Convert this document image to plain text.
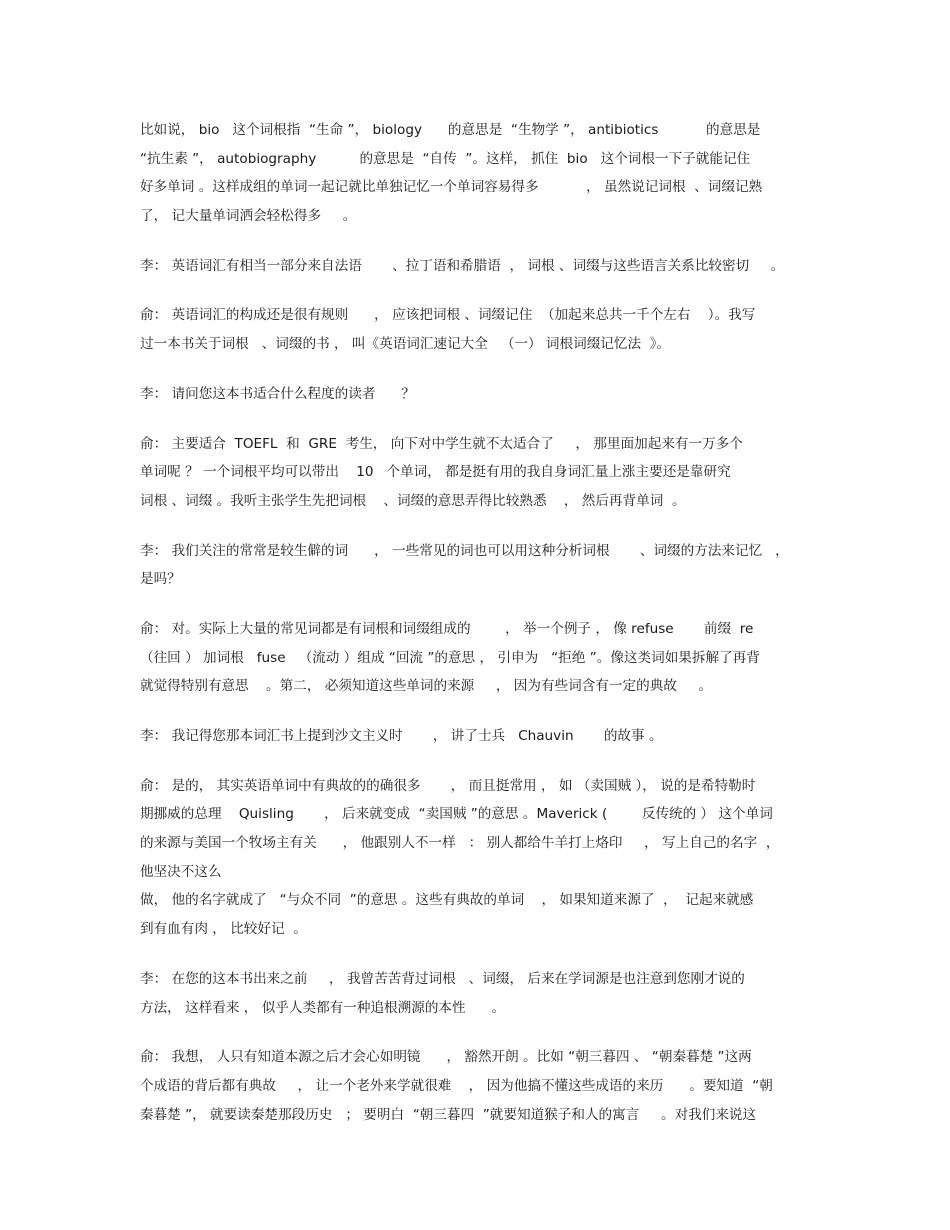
比如说， bio   这个词根指  “生命 ”， biology      的意思是  “生物学 ”， antibiotics           的意思是
“抗生素 ”， autobiography          的意思是  “自传  ”。这样， 抓住  bio   这个词根一下子就能记住
好多单词 。这样成组的单词一起记就比单独记忆一个单词容易得多           ， 虽然说记词根  、词缀记熟
了， 记大量单词洒会轻松得多     。
李： 英语词汇有相当一部分来自法语       、拉丁语和希腊语  ， 词根 、词缀与这些语言关系比较密切     。
俞： 英语词汇的构成还是很有规则      ， 应该把词根 、词缀记住  （加起来总共一千个左右    ）。我写
过一本书关于词根   、词缀的书 ， 叫《英语词汇速记大全   （一） 词根词缀记忆法  》。
李： 请问您这本书适合什么程度的读者      ？
俞： 主要适合  TOEFL  和  GRE  考生， 向下对中学生就不太适合了     ， 那里面加起来有一万多个
单词呢 ？ 一个词根平均可以带出    10   个单词， 都是挺有用的我自身词汇量上涨主要还是靠研究
词根 、词缀 。我听主张学生先把词根    、词缀的意思弄得比较熟悉    ， 然后再背单词  。
李： 我们关注的常常是较生僻的词      ， 一些常见的词也可以用这种分析词根       、词缀的方法来记忆   ，
是吗？
俞： 对。实际上大量的常见词都是有词根和词缀组成的        ， 举一个例子 ， 像 refuse       前缀  re
（往回 ） 加词根   fuse   （流动 ）组成 “回流 ”的意思 ， 引申为   “拒绝 ”。像这类词如果拆解了再背
就觉得特别有意思    。第二， 必须知道这些单词的来源     ， 因为有些词含有一定的典故     。
李： 我记得您那本词汇书上提到沙文主义时       ， 讲了士兵   Chauvin       的故事 。
俞： 是的， 其实英语单词中有典故的的确很多       ， 而且挺常用 ， 如 （卖国贼 ）， 说的是希特勒时
期挪威的总理    Quisling       ， 后来就变成  “卖国贼 ”的意思 。Maverick (        反传统的 ） 这个单词
的来源与美国一个牧场主有关      ， 他跟别人不一样   ： 别人都给牛羊打上烙印     ， 写上自己的名字  ，
他坚决不这么
做， 他的名字就成了   “与众不同  ”的意思 。这些有典故的单词    ， 如果知道来源了  ，  记起来就感
到有血有肉 ， 比较好记  。
李： 在您的这本书出来之前     ， 我曾苦苦背过词根   、词缀， 后来在学词源是也注意到您刚才说的
方法， 这样看来 ， 似乎人类都有一种追根溯源的本性      。
俞： 我想， 人只有知道本源之后才会心如明镜      ， 豁然开朗 。比如 “朝三暮四 、 “朝秦暮楚 ”这两
个成语的背后都有典故     ， 让一个老外来学就很难    ， 因为他搞不懂这些成语的来历      。要知道  “朝
秦暮楚 ”， 就要读秦楚那段历史   ； 要明白  “朝三暮四  ”就要知道猴子和人的寓言     。对我们来说这
